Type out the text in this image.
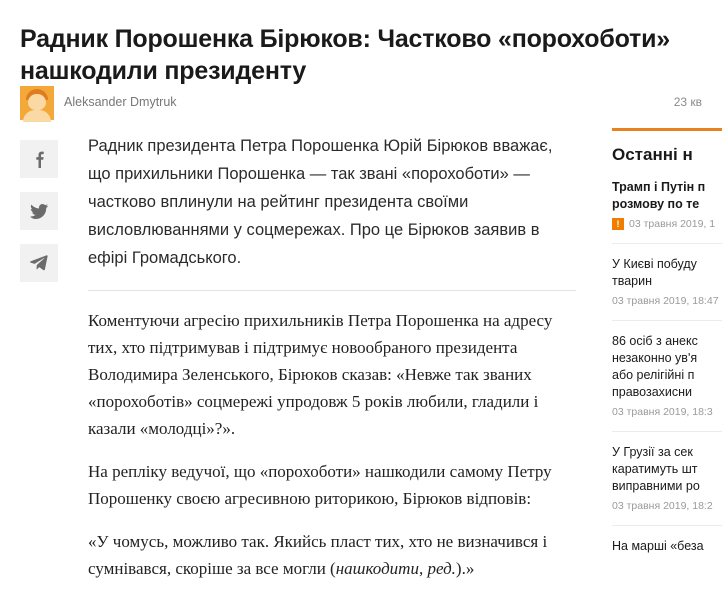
Радник Порошенка Бірюков: Частково «порохоботи» нашкодили президенту
Aleksander Dmytruk	23 кв

Радник президента Петра Порошенка Юрій Бірюков вважає, що прихильники Порошенка — так звані «порохоботи» — частково вплинули на рейтинг президента своїми висловлюваннями у соцмережах. Про це Бірюков заявив в ефірі Громадського.

Коментуючи агресію прихильників Петра Порошенка на адресу тих, хто підтримував і підтримує новообраного президента Володимира Зеленського, Бірюков сказав: «Невже так званих «порохоботів» соцмережі упродовж 5 років любили, гладили і казали «молодці»?».

На репліку ведучої, що «порохоботи» нашкодили самому Петру Порошенку своєю агресивною риторикою, Бірюков відповів:

«У чомусь, можливо так. Якийсь пласт тих, хто не визначився і сумнівався, скоріше за все могли (нашкодити, ред.).»

Останні н
Трамп і Путін п
розмову по те
! 03 травня 2019, 1
У Києві побуду
тварин
03 травня 2019, 18:47
86 осіб з анекс
незаконно ув'я
або релігійні п
правозахисни
03 травня 2019, 18:3
У Грузії за сек
каратимуть шт
виправними ро
03 травня 2019, 18:2
На марші «беза
